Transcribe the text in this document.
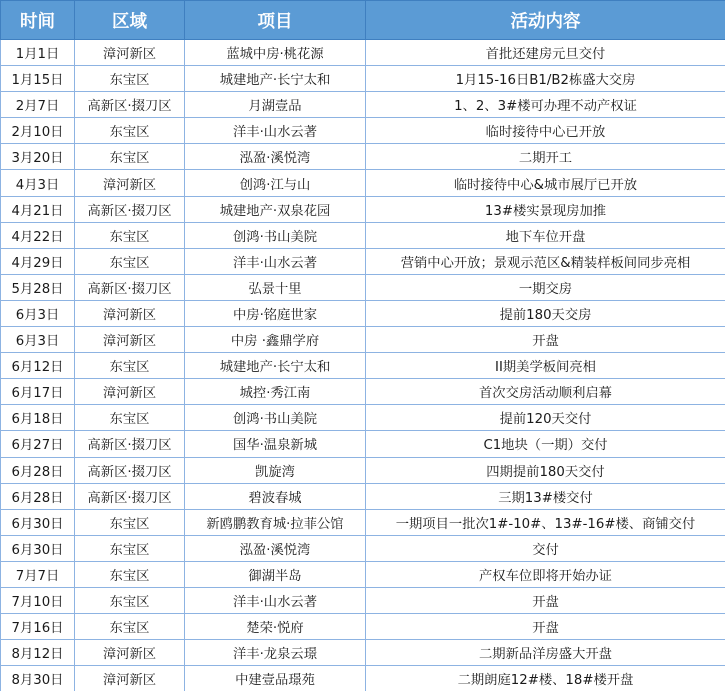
时间	区域	项目	活动内容
1月1日	漳河新区	蓝城中房·桃花源	首批还建房元旦交付
1月15日	东宝区	城建地产·长宁太和	1月15-16日B1/B2栋盛大交房
2月7日	高新区·掇刀区	月湖壹品	1、2、3#楼可办理不动产权证
2月10日	东宝区	洋丰·山水云著	临时接待中心已开放
3月20日	东宝区	泓盈·溪悦湾	二期开工
4月3日	漳河新区	创鸿·江与山	临时接待中心&城市展厅已开放
4月21日	高新区·掇刀区	城建地产·双泉花园	13#楼实景现房加推
4月22日	东宝区	创鸿·书山美院	地下车位开盘
4月29日	东宝区	洋丰·山水云著	营销中心开放；景观示范区&精装样板间同步亮相
5月28日	高新区·掇刀区	弘景十里	一期交房
6月3日	漳河新区	中房·铭庭世家	提前180天交房
6月3日	漳河新区	中房 ·鑫鼎学府	开盘
6月12日	东宝区	城建地产·长宁太和	II期美学板间亮相
6月17日	漳河新区	城控·秀江南	首次交房活动顺利启幕
6月18日	东宝区	创鸿·书山美院	提前120天交付
6月27日	高新区·掇刀区	国华·温泉新城	C1地块（一期）交付
6月28日	高新区·掇刀区	凯旋湾	四期提前180天交付
6月28日	高新区·掇刀区	碧波春城	三期13#楼交付
6月30日	东宝区	新鸥鹏教育城·拉菲公馆	一期项目一批次1#-10#、13#-16#楼、商铺交付
6月30日	东宝区	泓盈·溪悦湾	交付
7月7日	东宝区	御湖半岛	产权车位即将开始办证
7月10日	东宝区	洋丰·山水云著	开盘
7月16日	东宝区	楚荣·悦府	开盘
8月12日	漳河新区	洋丰·龙泉云璟	二期新品洋房盛大开盘
8月30日	漳河新区	中建壹品璟苑	二期朗庭12#楼、18#楼开盘
